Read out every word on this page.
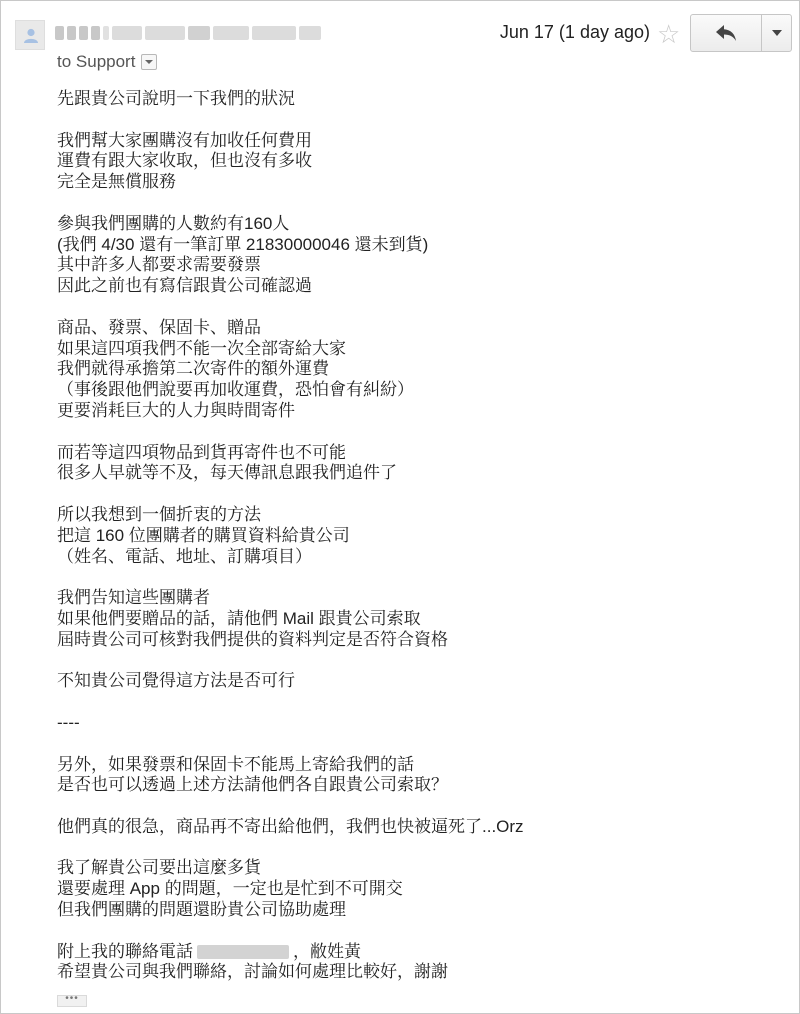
to Support
Jun 17 (1 day ago) ☆
先跟貴公司說明一下我們的狀況
我們幫大家團購沒有加收任何費用
運費有跟大家收取，但也沒有多收
完全是無償服務
參與我們團購的人數約有160人
(我們 4/30 還有一筆訂單 21830000046 還未到貨)
其中許多人都要求需要發票
因此之前也有寫信跟貴公司確認過
商品、發票、保固卡、贈品
如果這四項我們不能一次全部寄給大家
我們就得承擔第二次寄件的額外運費
（事後跟他們說要再加收運費，恐怕會有糾紛）
更要消耗巨大的人力與時間寄件
而若等這四項物品到貨再寄件也不可能
很多人早就等不及，每天傳訊息跟我們追件了
所以我想到一個折衷的方法
把這 160 位團購者的購買資料給貴公司
（姓名、電話、地址、訂購項目）
我們告知這些團購者
如果他們要贈品的話，請他們 Mail 跟貴公司索取
屆時貴公司可核對我們提供的資料判定是否符合資格
不知貴公司覺得這方法是否可行
----
另外，如果發票和保固卡不能馬上寄給我們的話
是否也可以透過上述方法請他們各自跟貴公司索取？
他們真的很急，商品再不寄出給他們，我們也快被逼死了...Orz
我了解貴公司要出這麼多貨
還要處理 App 的問題，一定也是忙到不可開交
但我們團購的問題還盼貴公司協助處理
附上我的聯絡電話	，敝姓黃
希望貴公司與我們聯絡，討論如何處理比較好，謝謝
•••
